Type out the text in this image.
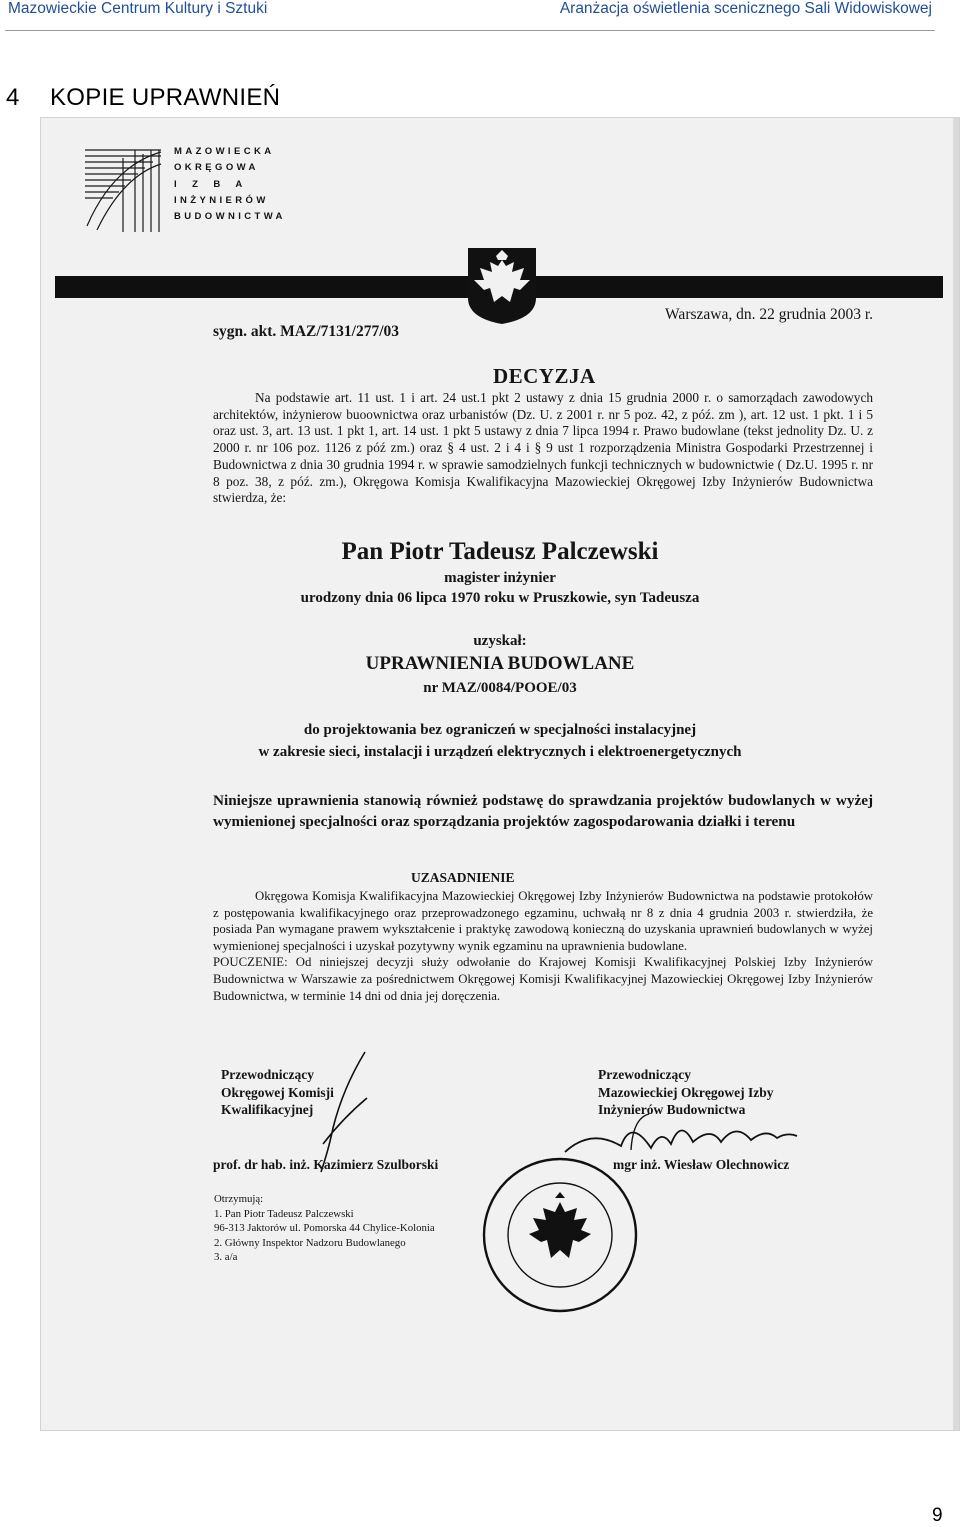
Mazowieckie Centrum Kultury i Sztuki	Aranżacja oświetlenia scenicznego Sali Widowiskowej
4 KOPIE UPRAWNIEŃ
MAZOWIECKA
OKRĘGOWA
I  Z  B  A
INŻYNIERÓW
BUDOWNICTWA
sygn. akt. MAZ/7131/277/03
Warszawa, dn. 22 grudnia 2003 r.
DECYZJA
Na podstawie art. 11 ust. 1 i art. 24 ust.1 pkt 2 ustawy z dnia 15 grudnia 2000 r. o samorządach zawodowych architektów, inżynierow buoownictwa oraz urbanistów (Dz. U. z 2001 r. nr 5 poz. 42, z póź. zm ), art. 12 ust. 1 pkt. 1 i 5 oraz ust. 3, art. 13 ust. 1 pkt 1, art. 14 ust. 1 pkt 5 ustawy z dnia 7 lipca 1994 r. Prawo budowlane (tekst jednolity Dz. U. z 2000 r. nr 106 poz. 1126 z póź zm.) oraz § 4 ust. 2 i 4 i § 9 ust 1 rozporządzenia Ministra Gospodarki Przestrzennej i Budownictwa z dnia 30 grudnia 1994 r. w sprawie samodzielnych funkcji technicznych w budownictwie ( Dz.U. 1995 r. nr 8 poz. 38, z póź. zm.), Okręgowa Komisja Kwalifikacyjna Mazowieckiej Okręgowej Izby Inżynierów Budownictwa stwierdza, że:
Pan Piotr Tadeusz Palczewski
magister inżynier
urodzony dnia 06 lipca 1970 roku w Pruszkowie, syn Tadeusza
uzyskał:
UPRAWNIENIA BUDOWLANE
nr MAZ/0084/POOE/03
do projektowania bez ograniczeń w specjalności instalacyjnej
w zakresie sieci, instalacji i urządzeń elektrycznych i elektroenergetycznych
Niniejsze uprawnienia stanowią również podstawę do sprawdzania projektów budowlanych w wyżej wymienionej specjalności oraz sporządzania projektów zagospodarowania działki i terenu
UZASADNIENIE
Okręgowa Komisja Kwalifikacyjna Mazowieckiej Okręgowej Izby Inżynierów Budownictwa na podstawie protokołów z postępowania kwalifikacyjnego oraz przeprowadzonego egzaminu, uchwałą nr 8 z dnia 4 grudnia 2003 r. stwierdziła, że posiada Pan wymagane prawem wykształcenie i praktykę zawodową konieczną do uzyskania uprawnień budowlanych w wyżej wymienionej specjalności i uzyskał pozytywny wynik egzaminu na uprawnienia budowlane.
POUCZENIE: Od niniejszej decyzji służy odwołanie do Krajowej Komisji Kwalifikacyjnej Polskiej Izby Inżynierów Budownictwa w Warszawie za pośrednictwem Okręgowej Komisji Kwalifikacyjnej Mazowieckiej Okręgowej Izby Inżynierów Budownictwa, w terminie 14 dni od dnia jej doręczenia.
Przewodniczący
Okręgowej Komisji
Kwalifikacyjnej
Przewodniczący
Mazowieckiej Okręgowej Izby
Inżynierów Budownictwa
prof. dr hab. inż. Kazimierz Szulborski	mgr inż. Wiesław Olechnowicz
Otrzymują:
1. Pan Piotr Tadeusz Palczewski
96-313 Jaktorów ul. Pomorska 44 Chylice-Kolonia
2. Główny Inspektor Nadzoru Budowlanego
3. a/a
9
